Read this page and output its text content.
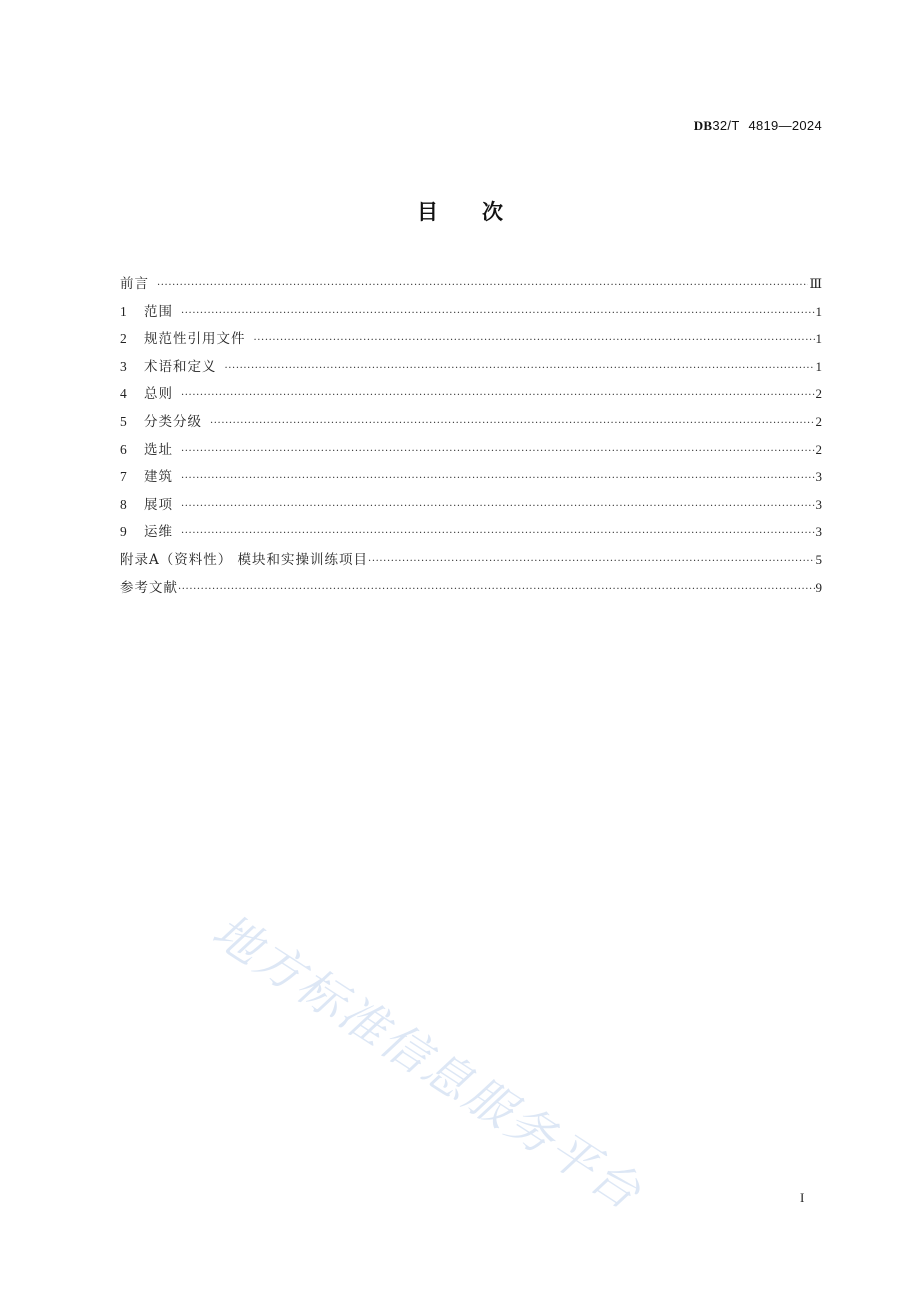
DB32/T 4819—2024
目次
前言 ·····	Ⅲ
1	范围 ·····	1
2	规范性引用文件 ·····	1
3	术语和定义 ·····	1
4	总则 ·····	2
5	分类分级 ·····	2
6	选址 ·····	2
7	建筑 ·····	3
8	展项 ·····	3
9	运维 ·····	3
附录A（资料性） 模块和实操训练项目 ·····	5
参考文献 ·····	9
地方标准信息服务平台	I
